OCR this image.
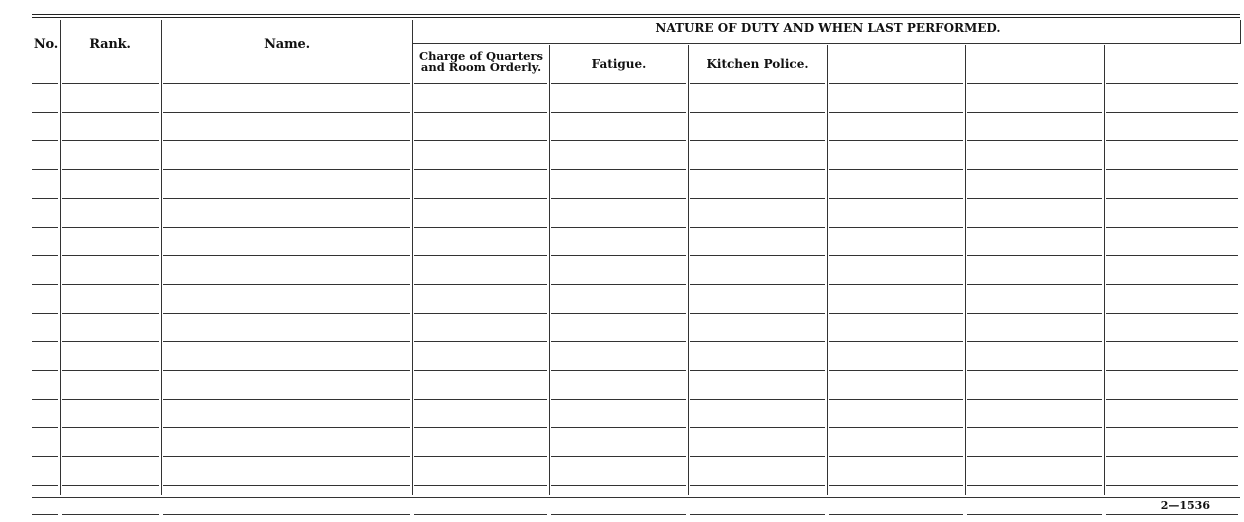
No.	Rank.	Name.
NATURE OF DUTY AND WHEN LAST PERFORMED.
Charge of Quarters
and Room Orderly.	Fatigue.	Kitchen Police.
2—1536
